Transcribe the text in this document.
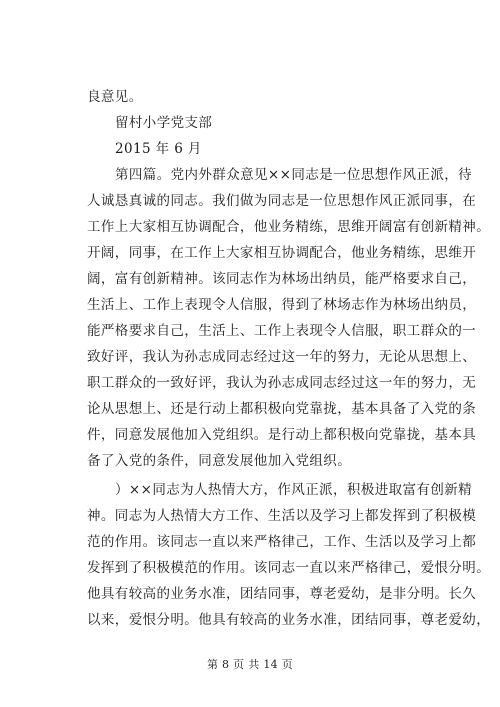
良意见。
留村小学党支部
2015 年 6 月
第四篇。党内外群众意见××同志是一位思想作风正派，待
人诚恳真诚的同志。我们做为同志是一位思想作风正派同事，在
工作上大家相互协调配合，他业务精练，思维开阔富有创新精神。
开阔，同事，在工作上大家相互协调配合，他业务精练，思维开
阔，富有创新精神。该同志作为林场出纳员，能严格要求自己，
生活上、工作上表现令人信服，得到了林场志作为林场出纳员，
能严格要求自己，生活上、工作上表现令人信服，职工群众的一
致好评，我认为孙志成同志经过这一年的努力，无论从思想上、
职工群众的一致好评，我认为孙志成同志经过这一年的努力，无
论从思想上、还是行动上都积极向党靠拢，基本具备了入党的条
件，同意发展他加入党组织。是行动上都积极向党靠拢，基本具
备了入党的条件，同意发展他加入党组织。
）××同志为人热情大方，作风正派，积极进取富有创新精
神。同志为人热情大方工作、生活以及学习上都发挥到了积极模
范的作用。该同志一直以来严格律己，工作、生活以及学习上都
发挥到了积极模范的作用。该同志一直以来严格律己，爱恨分明。
他具有较高的业务水准，团结同事，尊老爱幼，是非分明。长久
以来，爱恨分明。他具有较高的业务水准，团结同事，尊老爱幼，
第 8 页 共 14 页
